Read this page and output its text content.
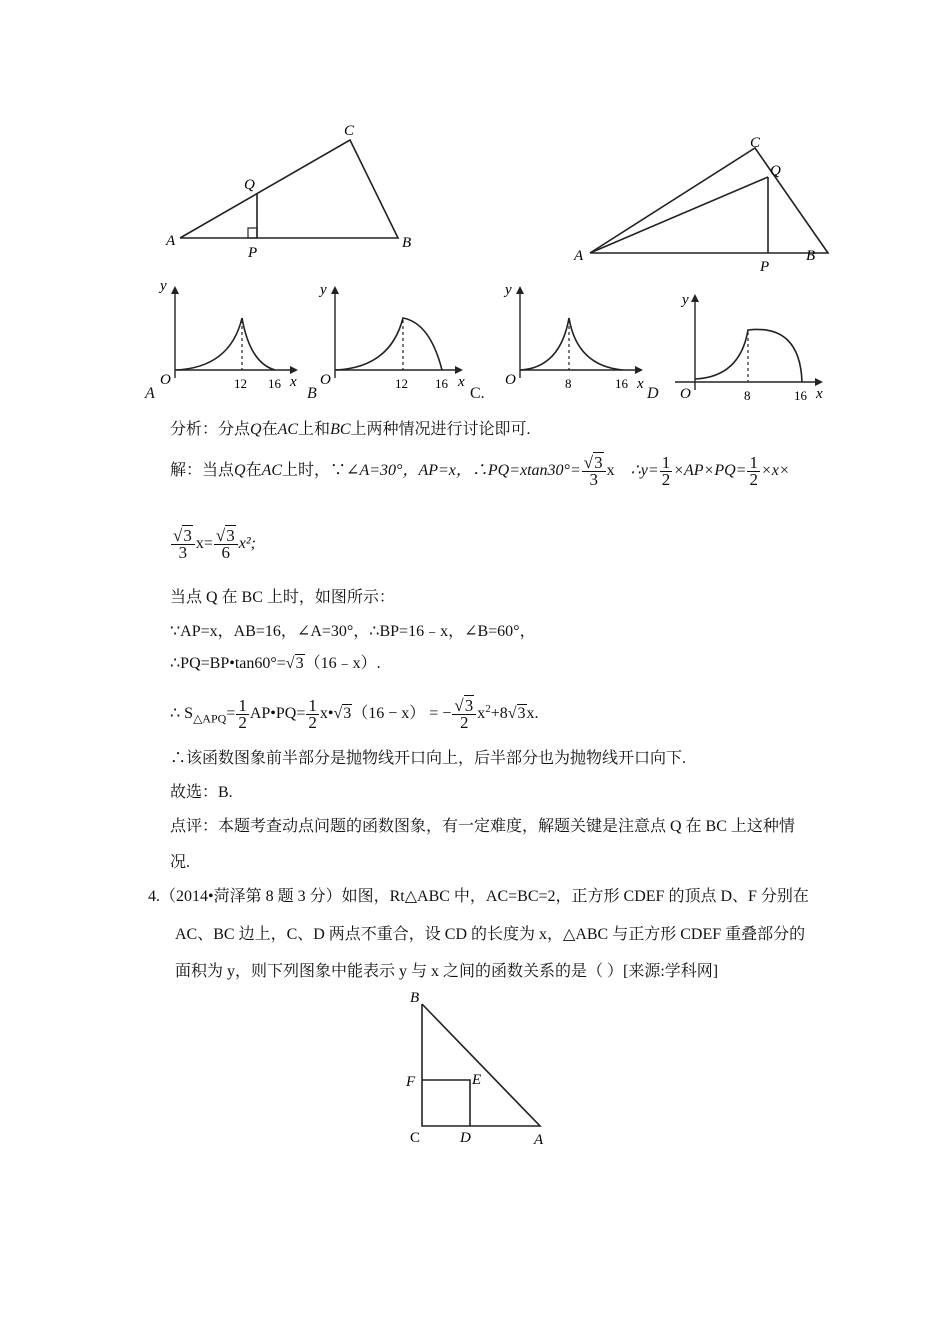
A	B
C
Q
P	A	B
C
Q
P
y
x
O	12 16
A
y
x
O	12 16
B
y
x
O	8	16
C.
y
x
O	8	16
D
分析：分点Q在AC上和BC上两种情况进行讨论即可.
解：当点Q在AC上时，∵∠A=30°，AP=x，∴PQ=xtan30°= $\frac{√3}{3}$ x ∴y= $\frac{1}{2} \times AP\times PQ= \frac{1}{2} \times x\times$
$\frac{√3}{3} x= \frac{√3}{6} x^2$;
当点 Q 在 BC 上时，如图所示：
∵AP=x，AB=16，∠A=30°，∴BP=16﹣x，∠B=60°，
∴PQ=BP•tan60°=√3（16﹣x）.
∴ $S_{\triangle APQ}= \frac{1}{2}$ AP•PQ= $\frac{1}{2}$ x•√3（16 − x） = − $\frac{√3}{2} x^2+8√3x$.
∴该函数图象前半部分是抛物线开口向上，后半部分也为抛物线开口向下.
故选：B.
点评：本题考查动点问题的函数图象，有一定难度，解题关键是注意点 Q 在 BC 上这种情
况.
4.（2014•菏泽第 8 题 3 分）如图，Rt△ABC 中，AC=BC=2，正方形 CDEF 的顶点 D、F 分别在
AC、BC 边上，C、D 两点不重合，设 CD 的长度为 x，△ABC 与正方形 CDEF 重叠部分的
面积为 y，则下列图象中能表示 y 与 x 之间的函数关系的是（ ）[来源:学科网]
B
F	E
C	D	A
